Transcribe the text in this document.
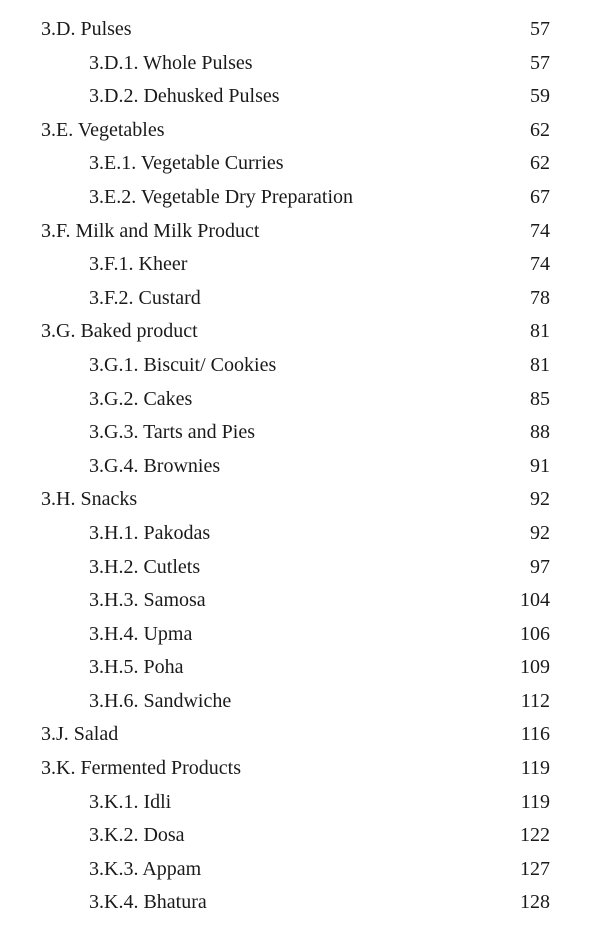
3.D. Pulses	57
3.D.1. Whole Pulses	57
3.D.2. Dehusked Pulses	59
3.E. Vegetables	62
3.E.1. Vegetable Curries	62
3.E.2. Vegetable Dry Preparation	67
3.F. Milk and Milk Product	74
3.F.1. Kheer	74
3.F.2. Custard	78
3.G. Baked product	81
3.G.1. Biscuit/ Cookies	81
3.G.2. Cakes	85
3.G.3. Tarts and Pies	88
3.G.4. Brownies	91
3.H. Snacks	92
3.H.1. Pakodas	92
3.H.2. Cutlets	97
3.H.3. Samosa	104
3.H.4. Upma	106
3.H.5. Poha	109
3.H.6. Sandwiche	112
3.J. Salad	116
3.K. Fermented Products	119
3.K.1. Idli	119
3.K.2. Dosa	122
3.K.3. Appam	127
3.K.4. Bhatura	128
